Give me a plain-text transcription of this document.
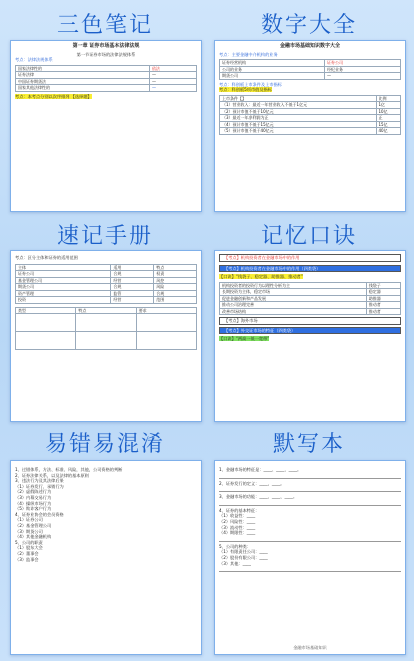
三色笔记	数字大全
速记手册	记忆口诀
易错易混淆	默写本
第一章 证券市场基本法律法规
第一节证券市场的法律法规体系
考点：法律法规体系
国家法律性的	依法
证券法律	—
中国证券期货法	—
国家其他法律性的	—
考点：本考点分别以次序排列 【选择题】
金融市场基础知识数字大全
考点：主要金融中介机构的业务
证券经营机构	证券公司
公司的业务	经纪业务
期货公司	—
考点：科创板上市条件及上市指标
考点：科创板5项市值及指标
上市条件【】	比例
（1）营业收入：最近一年营业收入不低于1亿元	1亿
（2）预计市值不低于10亿元	10亿
（3）最近一年净利润为正	正
（4）预计市值不低于15亿元	15亿
（5）预计市值不低于40亿元	40亿
考点：区分主体和证券的适用范围
主体	适用	特点
证券公司	合规	权责
基金管理公司	经营	风控
期货公司	合规	风险
资产管理	监管	合规
投资	经营	范围
类型	特点	要求

【考点】机构投资者在金融市场中的作用
【考点】机构投资者在金融市场中的作用（四类袋）
【口诀】“钱袋子、稳定器、助推器、推动者”
机构投资者的投资行为以理性分析为主	钱袋子
长期投资为主体，稳定市场	稳定器
促进金融创新和产品发展	助推器
推动公司治理完善	推动者
改善市场结构	推动者
【考点】海外市场
【考点】外交证市场的特征（四类袋）
【口诀】“两高一低一宽带”
1、过错体系，方法、标准、风险，其他，公司资格的判断
2、证券法律关系，以及法律的基本原则
3、违法行为及其法律后果
（1）证券发行、承销行为
（2）虚假陈述行为
（3）内幕交易行为
（4）操纵市场行为
（5）欺诈客户行为
4、证券业协会的会员资格
（1）证券公司
（2）基金管理公司
（3）期货公司
（4）其他金融机构
5、公司的职责
（1）股东大会
（2）董事会
（3）监事会
1、金融市场的特征是：____、____、____。
2、证券发行的定义：____，____。
3、金融市场的功能：____、____、____。
4、证券的基本特征：
（1）收益性：____
（2）风险性：____
（3）流动性：____
（4）期限性：____
5、公司的种类：
（1）有限责任公司：____
（2）股份有限公司：____
（3）其他：____
金融市场基础知识
